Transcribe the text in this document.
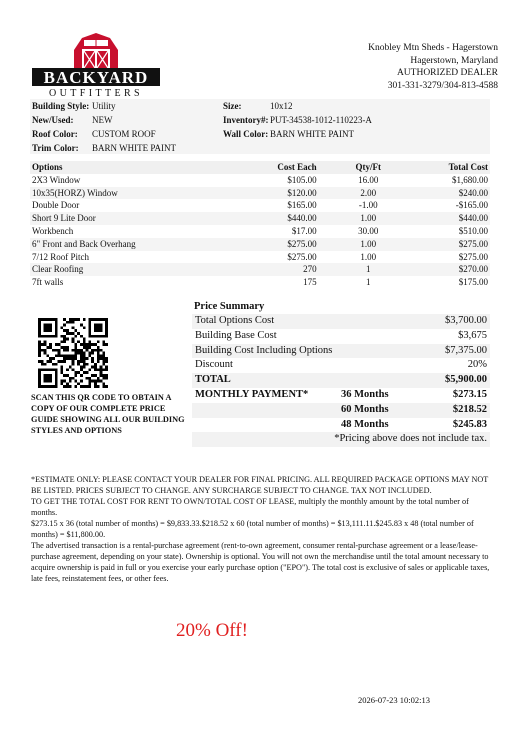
BACKYARD
OUTFITTERS
Knobley Mtn Sheds - Hagerstown
Hagerstown, Maryland
AUTHORIZED DEALER
301-331-3279/304-813-4588
Building Style: Utility	Size:	10x12
New/Used: NEW	Inventory#: PUT-34538-1012-110223-A
Roof Color: CUSTOM ROOF	Wall Color: BARN WHITE PAINT
Trim Color: BARN WHITE PAINT
Options	Cost Each	Qty/Ft	Total Cost
2X3 Window	$105.00	16.00	$1,680.00
10x35(HORZ) Window	$120.00	2.00	$240.00
Double Door	$165.00	-1.00	-$165.00
Short 9 Lite Door	$440.00	1.00	$440.00
Workbench	$17.00	30.00	$510.00
6" Front and Back Overhang	$275.00	1.00	$275.00
7/12 Roof Pitch	$275.00	1.00	$275.00
Clear Roofing	270	1	$270.00
7ft walls	175	1	$175.00
Price Summary
Total Options Cost		$3,700.00
Building Base Cost		$3,675
Building Cost Including Options		$7,375.00
Discount		20%
TOTAL		$5,900.00
MONTHLY PAYMENT*	36 Months	$273.15
	60 Months	$218.52
	48 Months	$245.83
*Pricing above does not include tax.		
SCAN THIS QR CODE TO OBTAIN A COPY OF OUR COMPLETE PRICE GUIDE SHOWING ALL OUR BUILDING STYLES AND OPTIONS

*ESTIMATE ONLY: PLEASE CONTACT YOUR DEALER FOR FINAL PRICING. ALL REQUIRED PACKAGE OPTIONS MAY NOT BE LISTED. PRICES SUBJECT TO CHANGE. ANY SURCHARGE SUBJECT TO CHANGE. TAX NOT INCLUDED.

TO GET THE TOTAL COST FOR RENT TO OWN/TOTAL COST OF LEASE, multiply the monthly amount by the total number of months.

$273.15 x 36 (total number of months) = $9,833.33.$218.52 x 60 (total number of months) = $13,111.11.$245.83 x 48 (total number of months) = $11,800.00.

The advertised transaction is a rental-purchase agreement (rent-to-own agreement, consumer rental-purchase agreement or a lease/lease-purchase agreement, depending on your state). Ownership is optional. You will not own the merchandise until the total amount necessary to acquire ownership is paid in full or you exercise your early purchase option ("EPO"). The total cost is exclusive of sales or applicable taxes, late fees, reinstatement fees, or other fees.

20% Off!
2026-07-23 10:02:13
